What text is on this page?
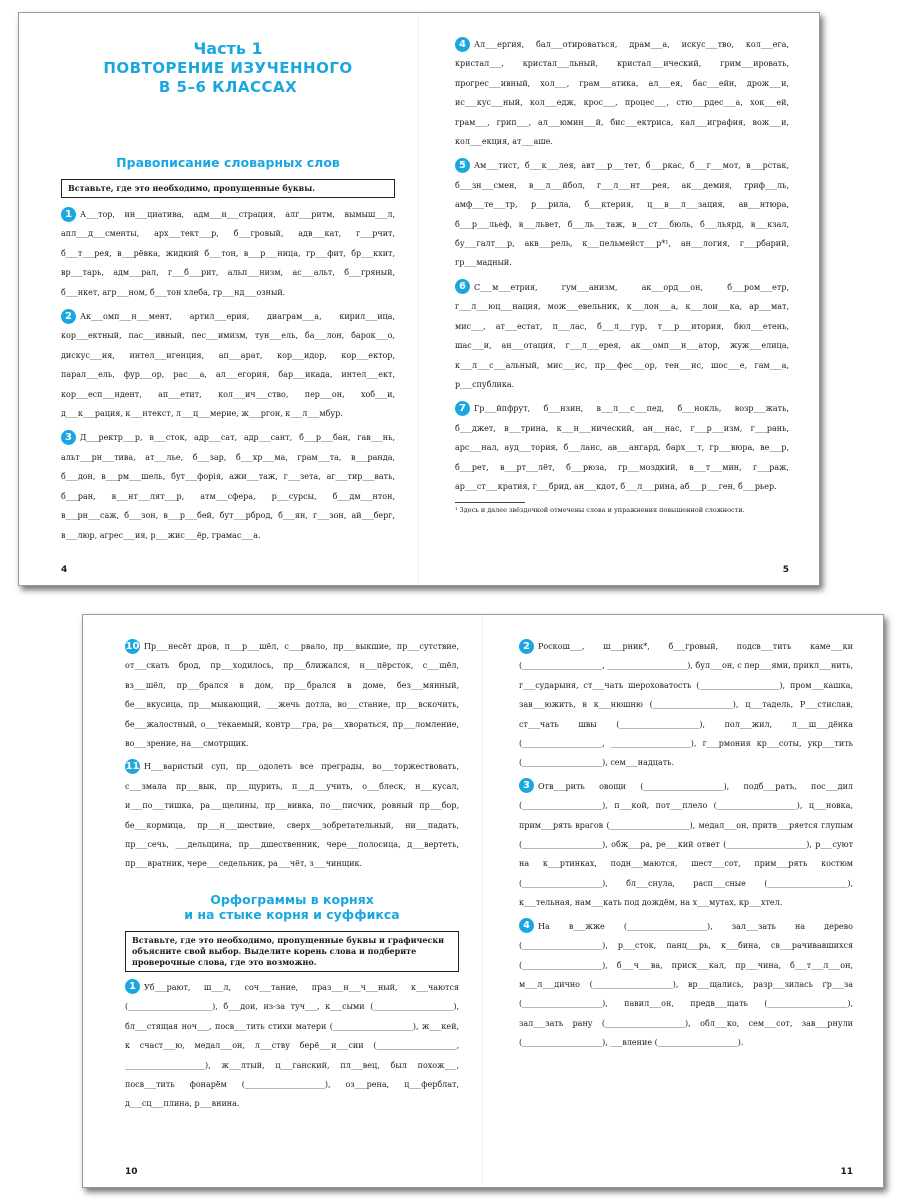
Часть 1
ПОВТОРЕНИЕ ИЗУЧЕННОГО
В 5–6 КЛАССАХ
Правописание словарных слов
Вставьте, где это необходимо, пропущенные буквы.
1 А___тор, ин___циатива, адм___н___страция, алг___ритм, вымыш___л, апл___д___сменты, арх___тект___р, б___гровый, адв___кат, г___рчит, б___т___рея, в___рёвка, жидкий б___тон, в___р___ница, гр___фит, бр___кхит, вр___тарь, адм___рал, г___б___рит, альп___низм, ас___альт, б___гряный, б___нкет, агр___ном, б___тон хлеба, гр___нд___озный.
2 Ак___омп___н___мент, артил___ерия, диаграм___а, кирил___ица, кор___ектный, пас___ивный, пес___имизм, тун___ель, ба___лон, барок___о, дискус___ия, интел___игенция, ап___арат, кор___идор, кор___ектор, парал___ель, фур___ор, рас___а, ал___егория, бар___икада, интел___ект, кор___есп___ндент, ап___етит, кол___ич___ство, пер___он, хоб___и, д___к___рация, к___нтекст, л___ц___мерие, ж___ргон, к___л___мбур.
3 Д___ректр___р, в___сток, адр___сат, адр___сант, б___р___бан, гав___нь, альт___рн___тива, ат___лье, б___зар, б___хр___ма, грам___та, в___ранда, б___дон, в___рм___шель, бут___форія, ажи___таж, г___зета, аг___тир___вать, б___ран, в___нт___лят___р, атм___сфера, р___сурсы, б___дм___нтон, в___рн___саж, б___зон, в___р___бей, бут___рброд, б___ян, г___зон, ай___берг, в___люр, агрес___ия, р___жис___ёр, грамас___а.
4
4 Ал___ергия, бал___отироваться, драм___а, искус___тво, кол___ега, кристал___, кристал___льный, кристал___ический, грим___ировать, прогрес___ивный, хол___, грам___атика, ал___ея, бас___ейн, дрож___и, ис___кус___ный, кол___едж, крос___, процес___, стю___рдес___а, хок___ей, грам___, грип___, ал___юмин___й, бис___ектриса, кал___играфия, вож___и, кол___екция, ат___аше.
5 Ам___тист, б___к___лея, авт___р___тет, б___ркас, б___г___мот, в___рстак, б___зн___смен, в___л___йбол, г___л___нт___рея, ак___демия, гриф___ль, амф___те___тр, р___рила, б___ктерия, ц___в___л___зация, ав___нтюра, б___р___льеф, в___львет, б___ль___таж, в___ст___бюль, б___льярд, в___кзал, бу___галт___р, акв___рель, к___пельмейст___р*¹, ан___логия, г___рбарий, гр___мадный.
6 С___м___етрия, гум___анизм, ак___орд___он, б___ром___етр, г___л___юц___нация, мож___евельник, к___лон___а, к___лои___ка, ар___мат, мис___, ат___естат, п___лас, б___л___гур, т___р___итория, бюл___етень, шас___и, ан___отация, г___л___ерея, ак___омп___н___атор, жуж___елица, к___л___с___альный, мис___ис, пр___фес___ор, тен___ис, шос___е, гам___а, р___спублика.
7 Гр___йпфрут, б___нзин, в___л___с___пед, б___нокль, возр___жать, б___джет, в___трина, к___н___нический, ан___нас, г___р___изм, г___рань, арс___нал, ауд___тория, б___ланс, ав___ангард, барх___т, гр___вюра, ве___р, б___рет, в___рт___лёт, б___рюза, гр___моздкий, в___т___мин, г___раж, ар___ст___кратия, г___брид, ан___кдот, б___л___рина, аб___р___ген, б___рьер.
¹ Здесь и далее звёздочкой отмечены слова и упражнения повышенной сложности.
5
10 Пр___несёт дров, п___р___шёл, с___рвало, пр___выкшие, пр___сутствие, от___скать брод, пр___ходилось, пр___ближался, н___пёрсток, с___шёл, вз___шёл, пр___брался в дом, пр___брался в доме, без___мянный, бе___вкусица, пр___мыкающий, ___жечь дотла, во___стание, пр___вскочить, бе___жалостный, о___текаемый, контр___гра, ра___хвораться, пр___ломление, во___зрение, на___смотрщик.
11 Н___варистый суп, пр___одолеть все преграды, во___торжествовать, с___змала пр___вык, пр___щурить, п___д___учить, о___блеск, н___кусал, и___по___тишка, ра___щелины, пр___вивка, по___писчик, ровный пр___бор, бе___кормица, пр___н___шествие, сверх___зобретательный, ни___падать, пр___сечь, ___дельщина, пр___дшественник, чере___полосица, д___вертеть, пр___вратник, чере___седельник, ра___чёт, з___чинщик.
Орфограммы в корнях
и на стыке корня и суффикса
Вставьте, где это необходимо, пропущенные буквы и графически объясните свой выбор. Выделите корень слова и подберите проверочные слова, где это возможно.
1 Уб___рают, ш___л, соч___тание, праз___н___ч___ный, к___чаются (_____________________), б___дои, из-за туч___, к___сыми (____________________), бл___стящая ноч___, посв___тить стихи матери (____________________), ж___кей, к счаст___ю, медал___он, л___ству берё___и___сии (____________________, ____________________), ж___лтый, ц___ганский, пл___вец, был похож___, посв___тить фонарём (____________________), оз___рена, ц___ферблат, д___сц___плина, р___внина.
10
2 Роскош___, ш___рник*, б___гровый, подсв___тить каме___ки (____________________, ____________________), бул___он, с пер___ями, прикл___нить, г___сударыня, ст___чать шероховатость (____________________), пром___кашка, зав___южить, в к___нюшню (____________________), ц___тадель, Р___стислав, ст___чать швы (____________________), пол___жил, л___ш___дёнка (____________________, ____________________), г___рмония кр___соты, укр___тить (____________________), сем___надцать.
3 Отв___рить овощи (____________________), подб___рать, пос___дил (____________________), п___кой, пот___плело (____________________), ц___новка, прим___рять врагов (____________________), медал___он, притв___ряется глупым (____________________), обж___ра, ре___кий ответ (____________________), р___суют на к___ртинках, подн___маются, шест___сот, прим___рять костюм (____________________), бл___снула, расп___сные (____________________), к___тельная, нам___кать под дождём, на х___мутах, кр___хтел.
4 На в___жже (____________________), зал___зать на дерево (____________________), р___сток, панц___рь, к___бина, св___рачивавшихся (____________________), б___ч___ва, приск___кал, пр___чина, б___т___л___он, м___л___дично (____________________), вр___щались, разр___зилась гр___за (____________________), павил___он, предв___щать (____________________), зал___зать рану (____________________), обл___ко, сем___сот, зав___рнули (____________________), ___вление (____________________).
11
